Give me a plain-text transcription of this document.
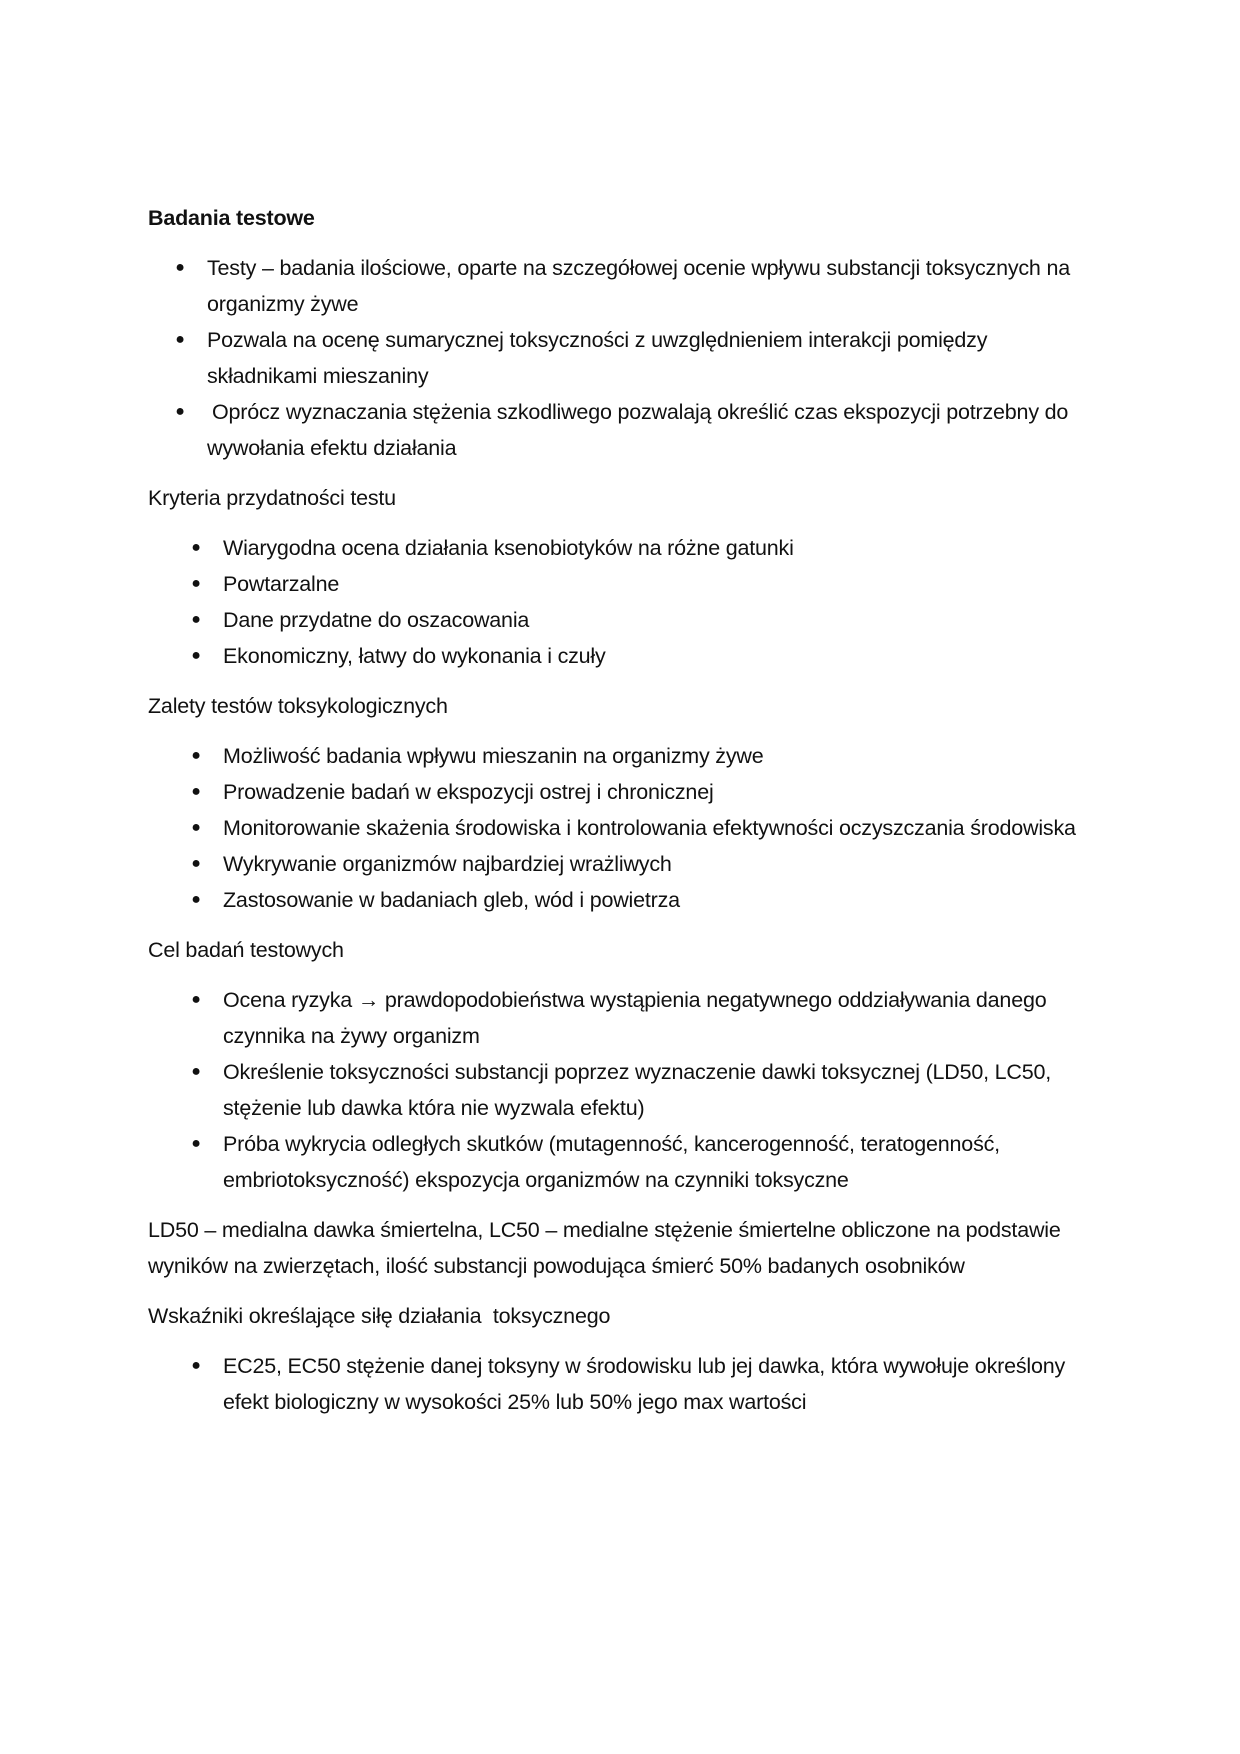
Badania testowe

● Testy – badania ilościowe, oparte na szczegółowej ocenie wpływu substancji toksycznych na organizmy żywe
● Pozwala na ocenę sumarycznej toksyczności z uwzględnieniem interakcji pomiędzy składnikami mieszaniny
● Oprócz wyznaczania stężenia szkodliwego pozwalają określić czas ekspozycji potrzebny do wywołania efektu działania

Kryteria przydatności testu

● Wiarygodna ocena działania ksenobiotyków na różne gatunki
● Powtarzalne
● Dane przydatne do oszacowania
● Ekonomiczny, łatwy do wykonania i czuły

Zalety testów toksykologicznych

● Możliwość badania wpływu mieszanin na organizmy żywe
● Prowadzenie badań w ekspozycji ostrej i chronicznej
● Monitorowanie skażenia środowiska i kontrolowania efektywności oczyszczania środowiska
● Wykrywanie organizmów najbardziej wrażliwych
● Zastosowanie w badaniach gleb, wód i powietrza

Cel badań testowych

● Ocena ryzyka → prawdopodobieństwa wystąpienia negatywnego oddziaływania danego czynnika na żywy organizm
● Określenie toksyczności substancji poprzez wyznaczenie dawki toksycznej (LD50, LC50, stężenie lub dawka która nie wyzwala efektu)
● Próba wykrycia odległych skutków (mutagenność, kancerogenność, teratogenność, embriotoksyczność) ekspozycja organizmów na czynniki toksyczne

LD50 – medialna dawka śmiertelna, LC50 – medialne stężenie śmiertelne obliczone na podstawie wyników na zwierzętach, ilość substancji powodująca śmierć 50% badanych osobników

Wskaźniki określające siłę działania  toksycznego

● EC25, EC50 stężenie danej toksyny w środowisku lub jej dawka, która wywołuje określony efekt biologiczny w wysokości 25% lub 50% jego max wartości
